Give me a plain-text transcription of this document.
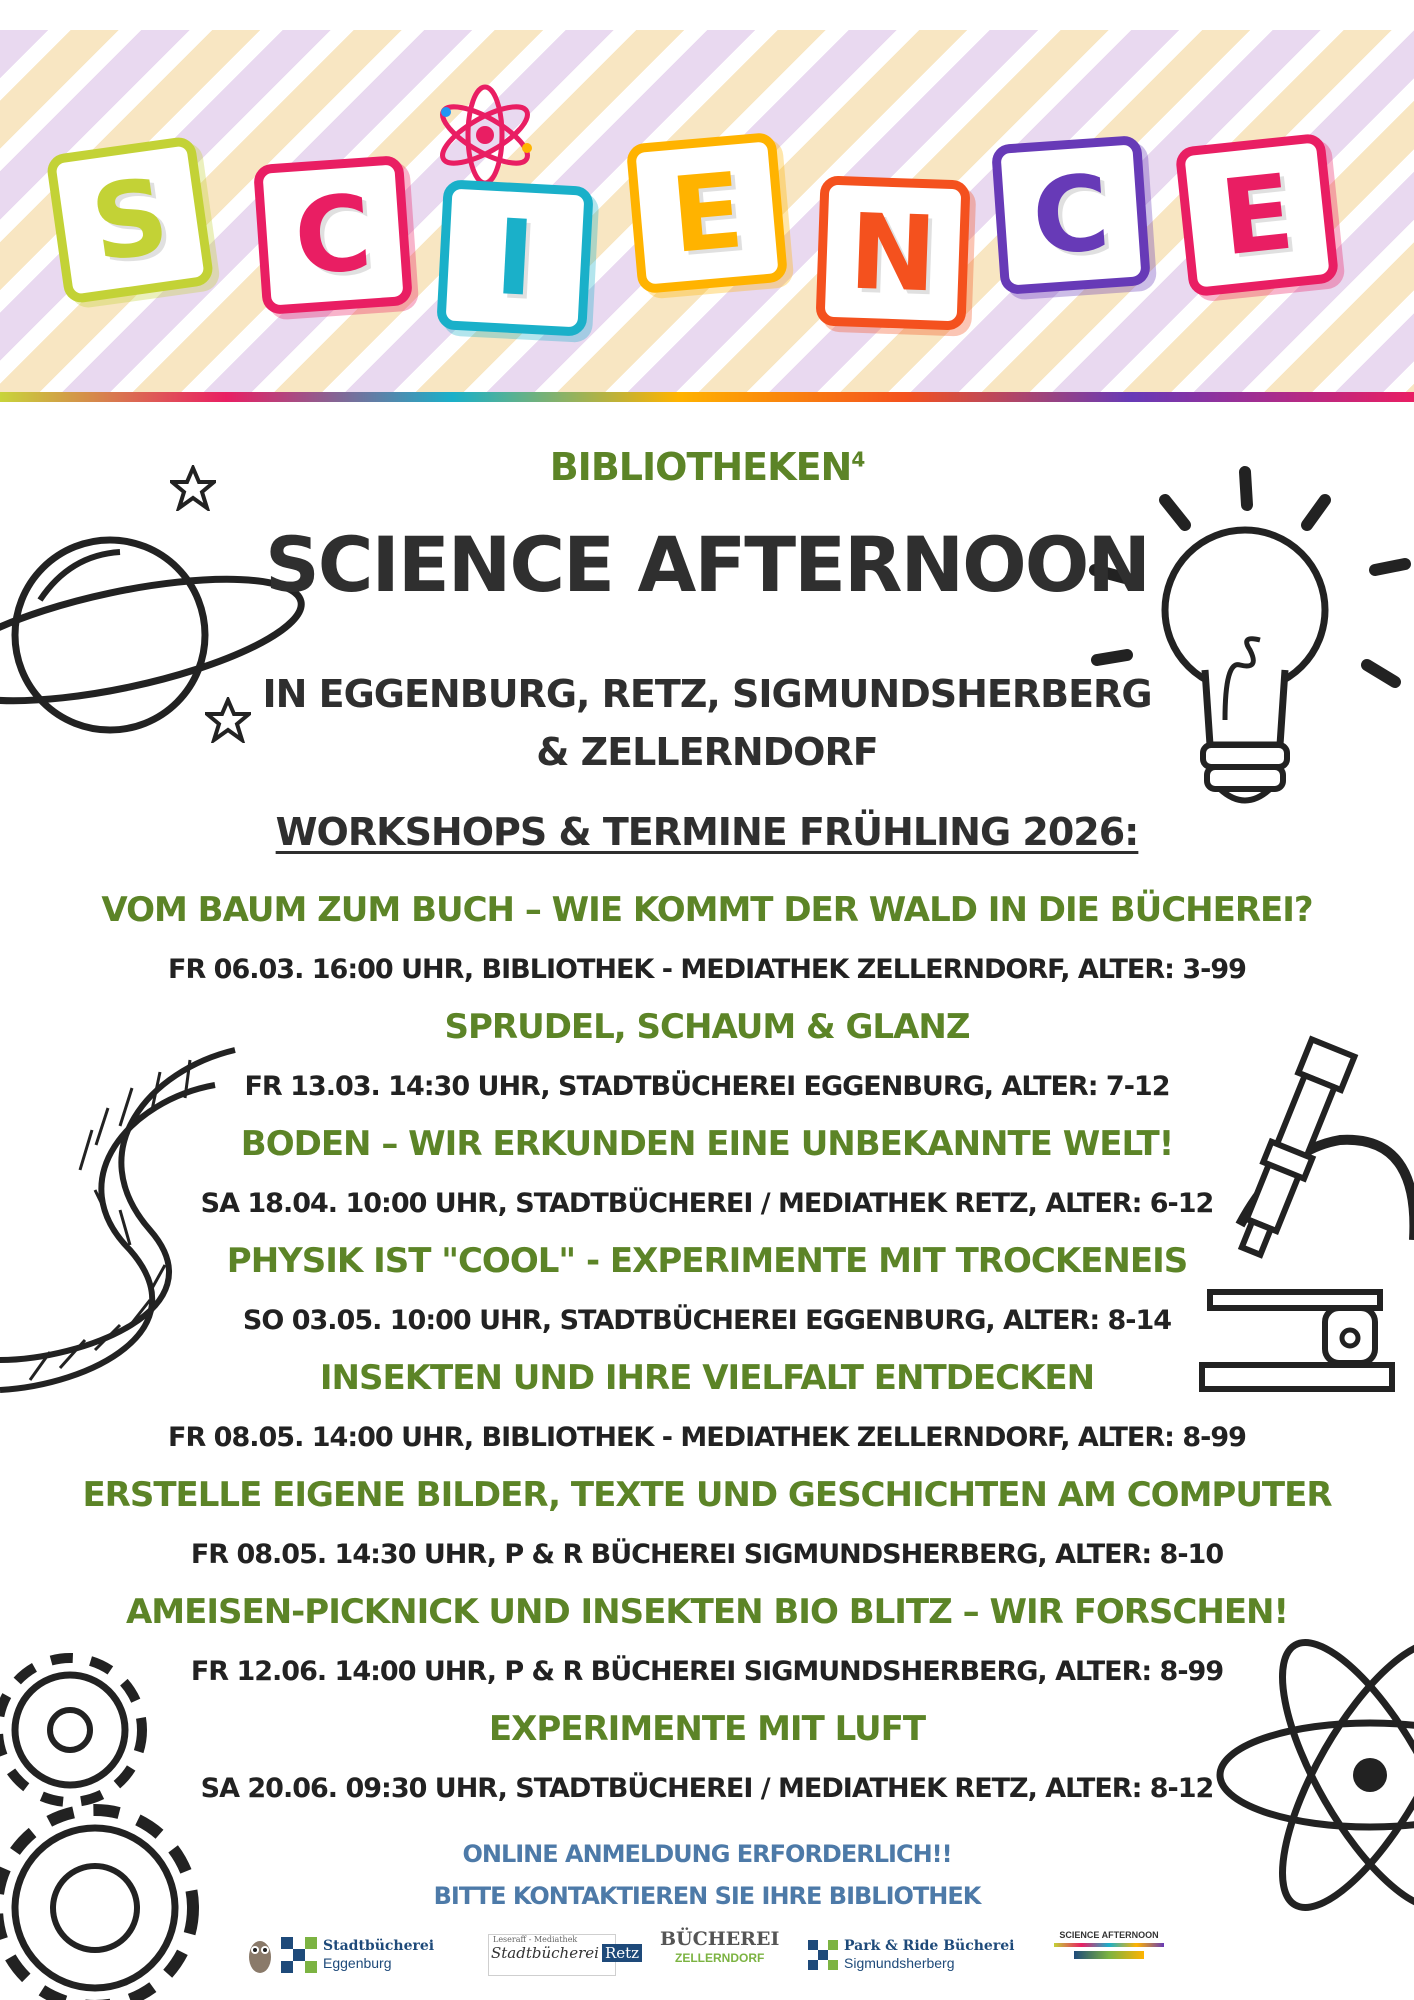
S	C	I	E N C E
BIBLIOTHEKEN$^4$
SCIENCE AFTERNOON
IN EGGENBURG, RETZ, SIGMUNDSHERBERG
& ZELLERNDORF
WORKSHOPS & TERMINE FRÜHLING 2026:
VOM BAUM ZUM BUCH – WIE KOMMT DER WALD IN DIE BÜCHEREI?
FR 06.03. 16:00 UHR, BIBLIOTHEK - MEDIATHEK ZELLERNDORF, ALTER: 3-99
SPRUDEL, SCHAUM & GLANZ
FR 13.03. 14:30 UHR, STADTBÜCHEREI EGGENBURG, ALTER: 7-12
BODEN – WIR ERKUNDEN EINE UNBEKANNTE WELT!
SA 18.04. 10:00 UHR, STADTBÜCHEREI / MEDIATHEK RETZ, ALTER: 6-12
PHYSIK IST "COOL" - EXPERIMENTE MIT TROCKENEIS
SO 03.05. 10:00 UHR, STADTBÜCHEREI EGGENBURG, ALTER: 8-14
INSEKTEN UND IHRE VIELFALT ENTDECKEN
FR 08.05. 14:00 UHR, BIBLIOTHEK - MEDIATHEK ZELLERNDORF, ALTER: 8-99
ERSTELLE EIGENE BILDER, TEXTE UND GESCHICHTEN AM COMPUTER
FR 08.05. 14:30 UHR, P & R BÜCHEREI SIGMUNDSHERBERG, ALTER: 8-10
AMEISEN-PICKNICK UND INSEKTEN BIO BLITZ – WIR FORSCHEN!
FR 12.06. 14:00 UHR, P & R BÜCHEREI SIGMUNDSHERBERG, ALTER: 8-99
EXPERIMENTE MIT LUFT
SA 20.06. 09:30 UHR, STADTBÜCHEREI / MEDIATHEK RETZ, ALTER: 8-12
ONLINE ANMELDUNG ERFORDERLICH!!
BITTE KONTAKTIEREN SIE IHRE BIBLIOTHEK
Stadtbücherei
Eggenburg
Leseraff - Mediathek
Stadtbücherei Retz
BÜCHEREI
ZELLERNDORF
Park & Ride Bücherei
Sigmundsherberg
SCIENCE AFTERNOON
